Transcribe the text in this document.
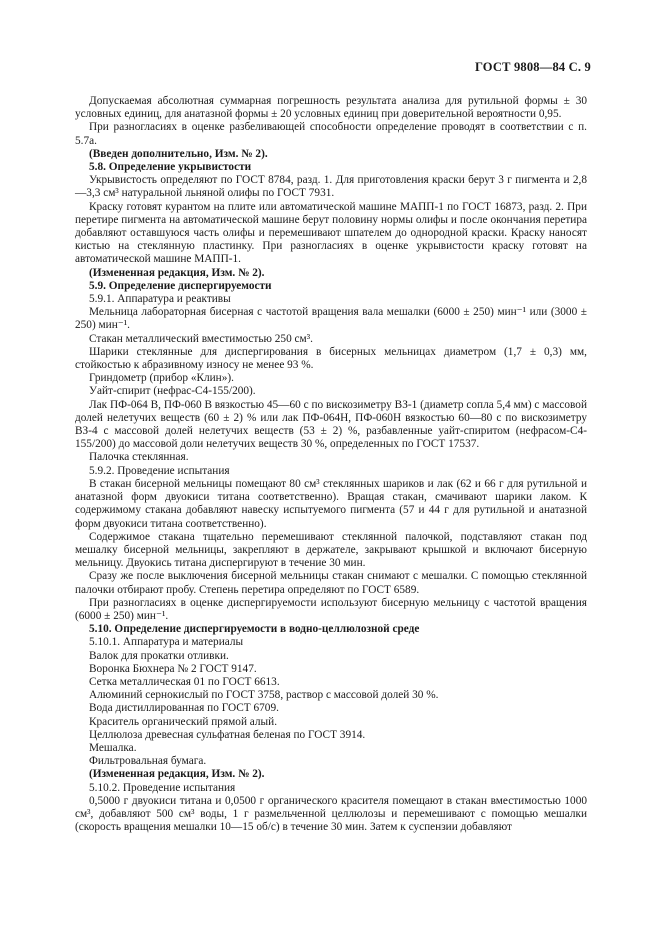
ГОСТ 9808—84 С. 9

Допускаемая абсолютная суммарная погрешность результата анализа для рутильной формы ± 30 условных единиц, для анатазной формы ± 20 условных единиц при доверительной вероятности 0,95.

При разногласиях в оценке разбеливающей способности определение проводят в соответствии с п. 5.7а.

(Введен дополнительно, Изм. № 2).

5.8. Определение укрывистости

Укрывистость определяют по ГОСТ 8784, разд. 1. Для приготовления краски берут 3 г пигмента и 2,8—3,3 см³ натуральной льняной олифы по ГОСТ 7931.

Краску готовят курантом на плите или автоматической машине МАПП-1 по ГОСТ 16873, разд. 2. При перетире пигмента на автоматической машине берут половину нормы олифы и после окончания перетира добавляют оставшуюся часть олифы и перемешивают шпателем до однородной краски. Краску наносят кистью на стеклянную пластинку. При разногласиях в оценке укрывистости краску готовят на автоматической машине МАПП-1.

(Измененная редакция, Изм. № 2).

5.9. Определение диспергируемости

5.9.1. Аппаратура и реактивы

Мельница лабораторная бисерная с частотой вращения вала мешалки (6000 ± 250) мин⁻¹ или (3000 ± 250) мин⁻¹.

Стакан металлический вместимостью 250 см³.

Шарики стеклянные для диспергирования в бисерных мельницах диаметром (1,7 ± 0,3) мм, стойкостью к абразивному износу не менее 93 %.

Гриндометр (прибор «Клин»).

Уайт-спирит (нефрас-С4-155/200).

Лак ПФ-064 В, ПФ-060 В вязкостью 45—60 с по вискозиметру ВЗ-1 (диаметр сопла 5,4 мм) с массовой долей нелетучих веществ (60 ± 2) % или лак ПФ-064Н, ПФ-060Н вязкостью 60—80 с по вискозиметру ВЗ-4 с массовой долей нелетучих веществ (53 ± 2) %, разбавленные уайт-спиритом (нефрасом-С4-155/200) до массовой доли нелетучих веществ 30 %, определенных по ГОСТ 17537.

Палочка стеклянная.

5.9.2. Проведение испытания

В стакан бисерной мельницы помещают 80 см³ стеклянных шариков и лак (62 и 66 г для рутильной и анатазной форм двуокиси титана соответственно). Вращая стакан, смачивают шарики лаком. К содержимому стакана добавляют навеску испытуемого пигмента (57 и 44 г для рутильной и анатазной форм двуокиси титана соответственно).

Содержимое стакана тщательно перемешивают стеклянной палочкой, подставляют стакан под мешалку бисерной мельницы, закрепляют в держателе, закрывают крышкой и включают бисерную мельницу. Двуокись титана диспергируют в течение 30 мин.

Сразу же после выключения бисерной мельницы стакан снимают с мешалки. С помощью стеклянной палочки отбирают пробу. Степень перетира определяют по ГОСТ 6589.

При разногласиях в оценке диспергируемости используют бисерную мельницу с частотой вращения (6000 ± 250) мин⁻¹.

5.10. Определение диспергируемости в водно-целлюлозной среде

5.10.1. Аппаратура и материалы

Валок для прокатки отливки.

Воронка Бюхнера № 2 ГОСТ 9147.

Сетка металлическая 01 по ГОСТ 6613.

Алюминий сернокислый по ГОСТ 3758, раствор с массовой долей 30 %.

Вода дистиллированная по ГОСТ 6709.

Краситель органический прямой алый.

Целлюлоза древесная сульфатная беленая по ГОСТ 3914.

Мешалка.

Фильтровальная бумага.

(Измененная редакция, Изм. № 2).

5.10.2. Проведение испытания

0,5000 г двуокиси титана и 0,0500 г органического красителя помещают в стакан вместимостью 1000 см³, добавляют 500 см³ воды, 1 г размельченной целлюлозы и перемешивают с помощью мешалки (скорость вращения мешалки 10—15 об/с) в течение 30 мин. Затем к суспензии добавляют
